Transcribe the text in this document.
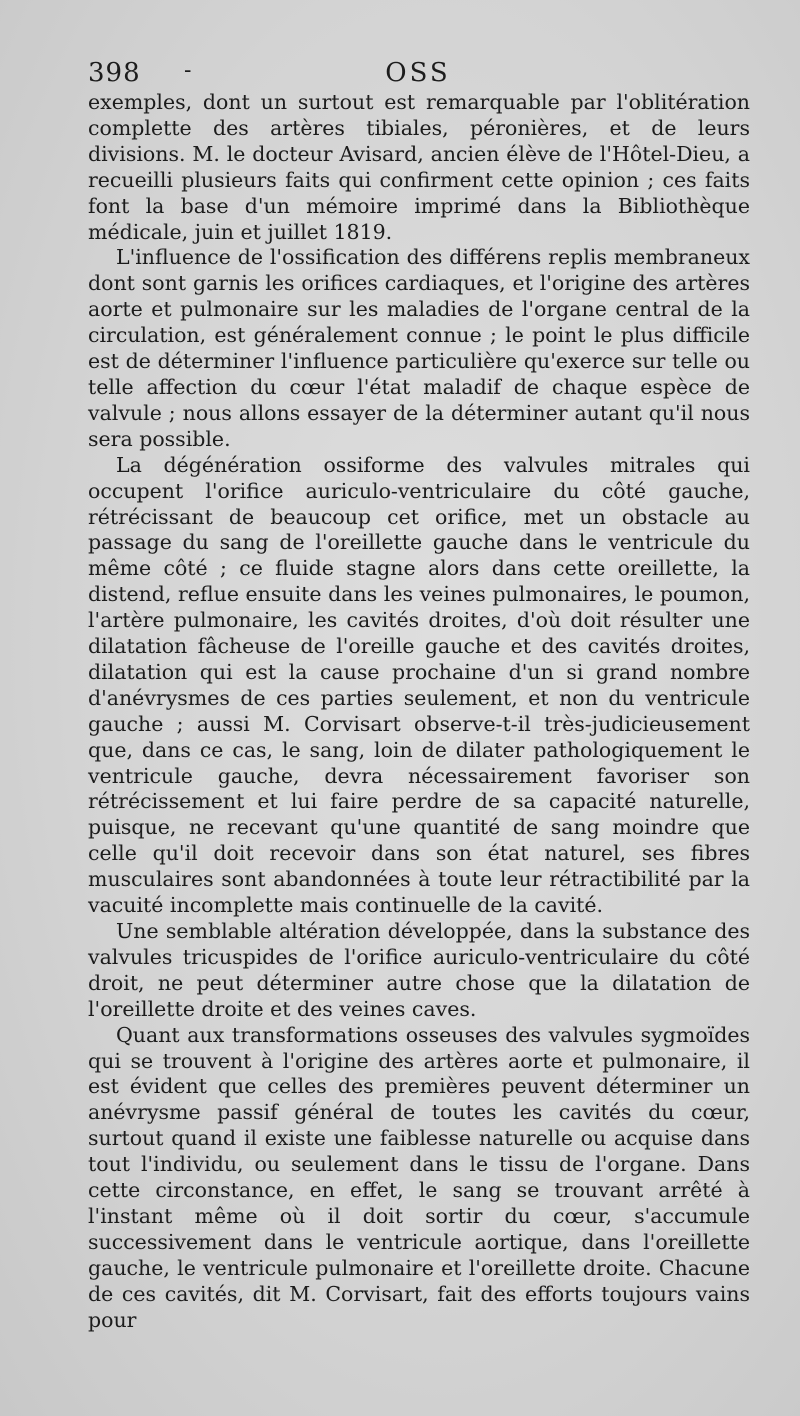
398 -	OSS

exemples, dont un surtout est remarquable par l'oblitération complette des artères tibiales, péronières, et de leurs divisions. M. le docteur Avisard, ancien élève de l'Hôtel-Dieu, a recueilli plusieurs faits qui confirment cette opinion ; ces faits font la base d'un mémoire imprimé dans la Bibliothèque médicale, juin et juillet 1819.

L'influence de l'ossification des différens replis membraneux dont sont garnis les orifices cardiaques, et l'origine des artères aorte et pulmonaire sur les maladies de l'organe central de la circulation, est généralement connue ; le point le plus difficile est de déterminer l'influence particulière qu'exerce sur telle ou telle affection du cœur l'état maladif de chaque espèce de valvule ; nous allons essayer de la déterminer autant qu'il nous sera possible.

La dégénération ossiforme des valvules mitrales qui occupent l'orifice auriculo-ventriculaire du côté gauche, rétrécissant de beaucoup cet orifice, met un obstacle au passage du sang de l'oreillette gauche dans le ventricule du même côté ; ce fluide stagne alors dans cette oreillette, la distend, reflue ensuite dans les veines pulmonaires, le poumon, l'artère pulmonaire, les cavités droites, d'où doit résulter une dilatation fâcheuse de l'oreille gauche et des cavités droites, dilatation qui est la cause prochaine d'un si grand nombre d'anévrysmes de ces parties seulement, et non du ventricule gauche ; aussi M. Corvisart observe-t-il très-judicieusement que, dans ce cas, le sang, loin de dilater pathologiquement le ventricule gauche, devra nécessairement favoriser son rétrécissement et lui faire perdre de sa capacité naturelle, puisque, ne recevant qu'une quantité de sang moindre que celle qu'il doit recevoir dans son état naturel, ses fibres musculaires sont abandonnées à toute leur rétractibilité par la vacuité incomplette mais continuelle de la cavité.

Une semblable altération développée, dans la substance des valvules tricuspides de l'orifice auriculo-ventriculaire du côté droit, ne peut déterminer autre chose que la dilatation de l'oreillette droite et des veines caves.

Quant aux transformations osseuses des valvules sygmoïdes qui se trouvent à l'origine des artères aorte et pulmonaire, il est évident que celles des premières peuvent déterminer un anévrysme passif général de toutes les cavités du cœur, surtout quand il existe une faiblesse naturelle ou acquise dans tout l'individu, ou seulement dans le tissu de l'organe. Dans cette circonstance, en effet, le sang se trouvant arrêté à l'instant même où il doit sortir du cœur, s'accumule successivement dans le ventricule aortique, dans l'oreillette gauche, le ventricule pulmonaire et l'oreillette droite. Chacune de ces cavités, dit M. Corvisart, fait des efforts toujours vains pour
